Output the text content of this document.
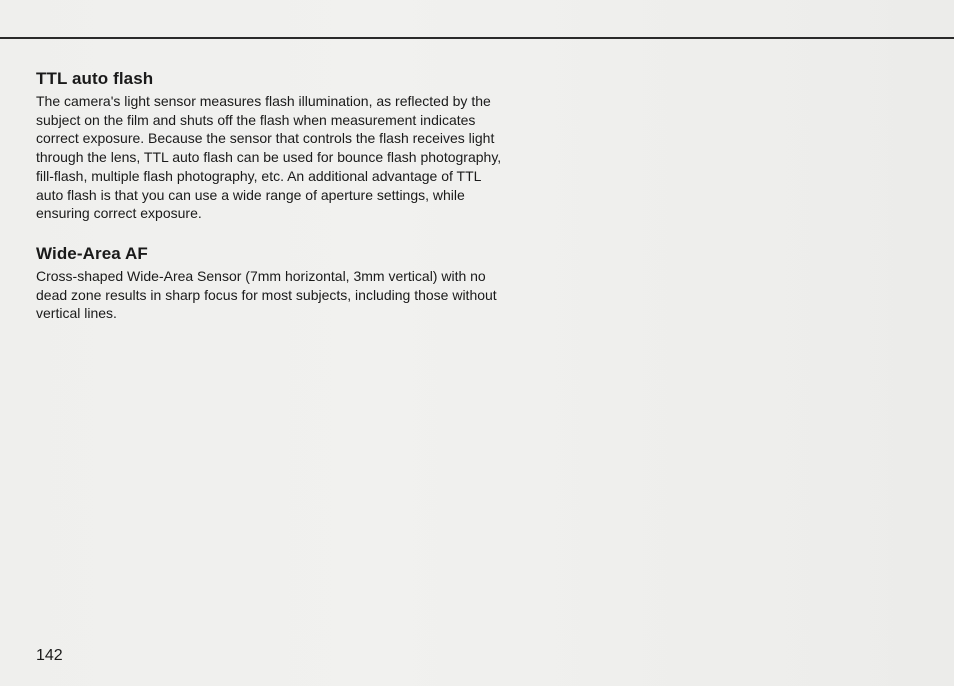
TTL auto flash

The camera's light sensor measures flash illumination, as reflected by the subject on the film and shuts off the flash when measurement indicates correct exposure. Because the sensor that controls the flash receives light through the lens, TTL auto flash can be used for bounce flash photography, fill-flash, multiple flash photography, etc. An additional advantage of TTL auto flash is that you can use a wide range of aperture settings, while ensuring correct exposure.

Wide-Area AF

Cross-shaped Wide-Area Sensor (7mm horizontal, 3mm vertical) with no dead zone results in sharp focus for most subjects, including those without vertical lines.

142
